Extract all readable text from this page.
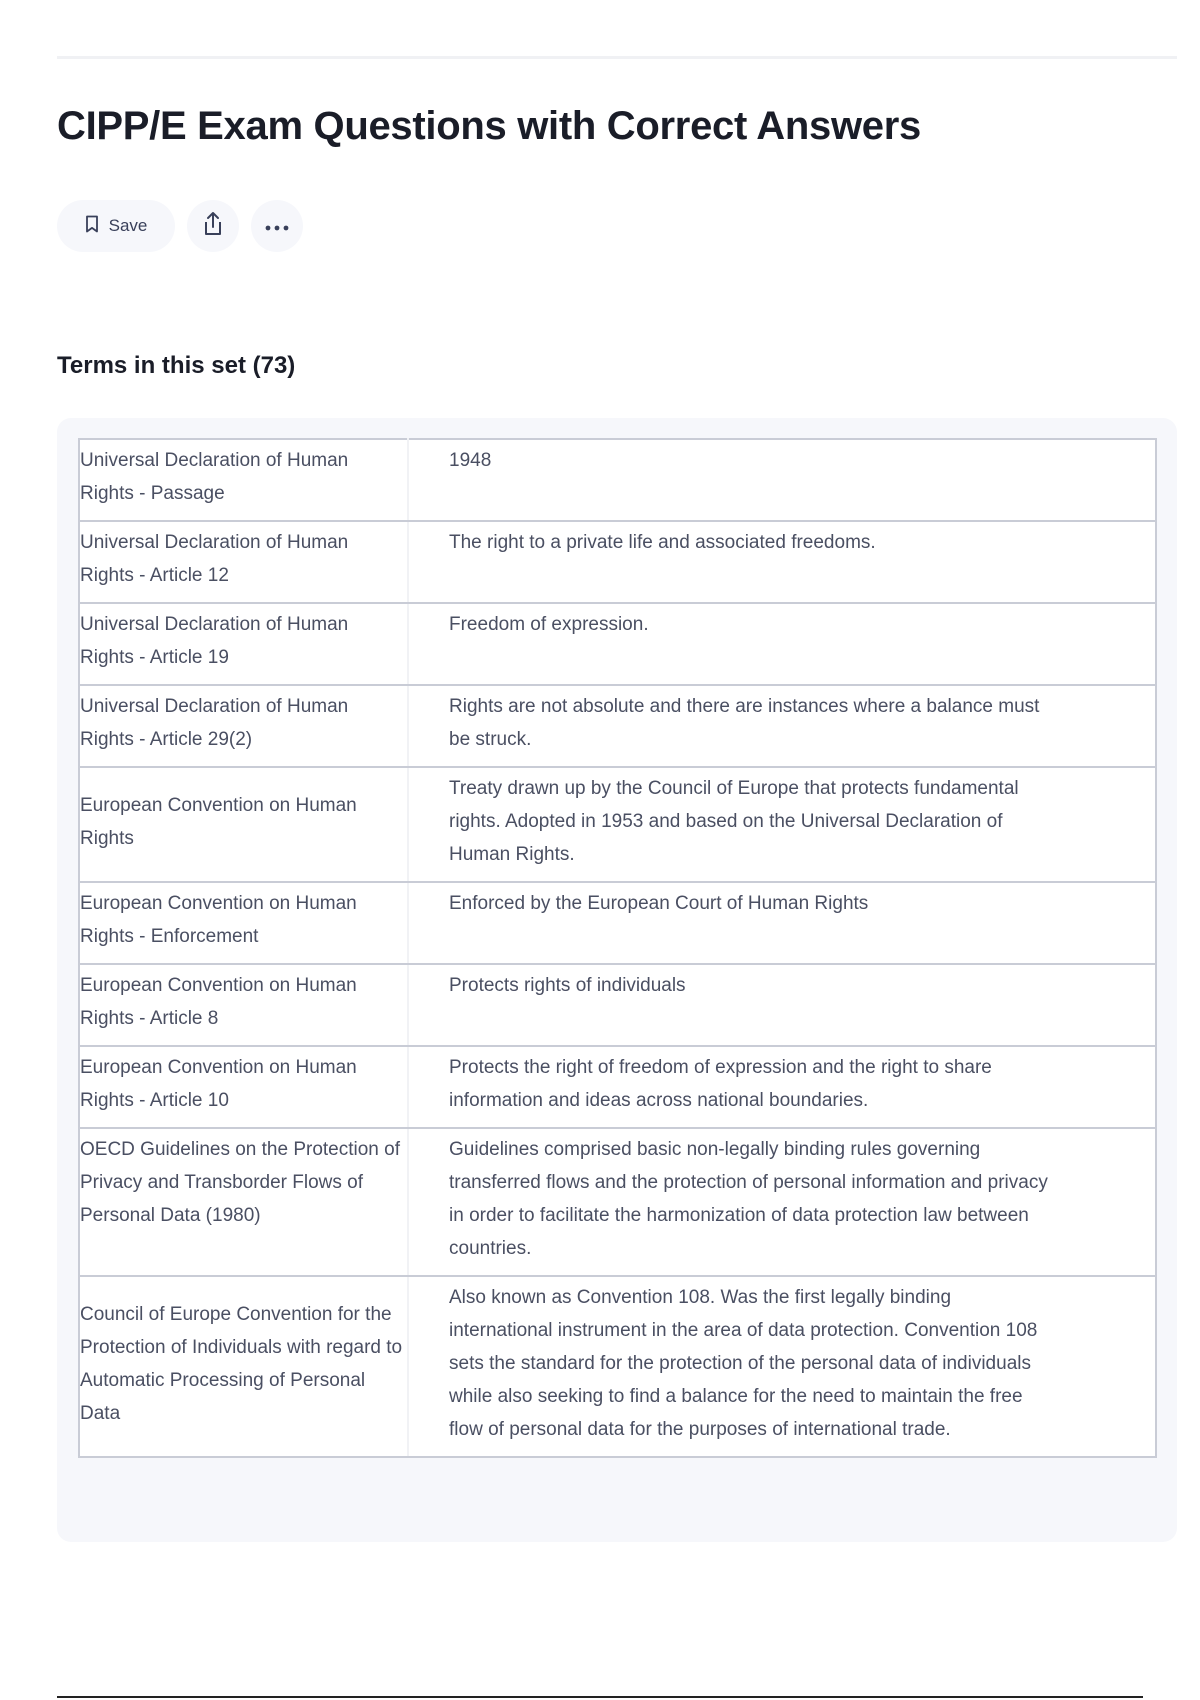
CIPP/E Exam Questions with Correct Answers
Save
Terms in this set (73)
Universal Declaration of Human Rights - Passage	1948
Universal Declaration of Human Rights - Article 12	The right to a private life and associated freedoms.
Universal Declaration of Human Rights - Article 19	Freedom of expression.
Universal Declaration of Human Rights - Article 29(2)	Rights are not absolute and there are instances where a balance must be struck.
European Convention on Human Rights	Treaty drawn up by the Council of Europe that protects fundamental rights. Adopted in 1953 and based on the Universal Declaration of Human Rights.
European Convention on Human Rights - Enforcement	Enforced by the European Court of Human Rights
European Convention on Human Rights - Article 8	Protects rights of individuals
European Convention on Human Rights - Article 10	Protects the right of freedom of expression and the right to share information and ideas across national boundaries.
OECD Guidelines on the Protection of Privacy and Transborder Flows of Personal Data (1980)	Guidelines comprised basic non-legally binding rules governing transferred flows and the protection of personal information and privacy in order to facilitate the harmonization of data protection law between countries.
Council of Europe Convention for the Protection of Individuals with regard to Automatic Processing of Personal Data	Also known as Convention 108. Was the first legally binding international instrument in the area of data protection. Convention 108 sets the standard for the protection of the personal data of individuals while also seeking to find a balance for the need to maintain the free flow of personal data for the purposes of international trade.
